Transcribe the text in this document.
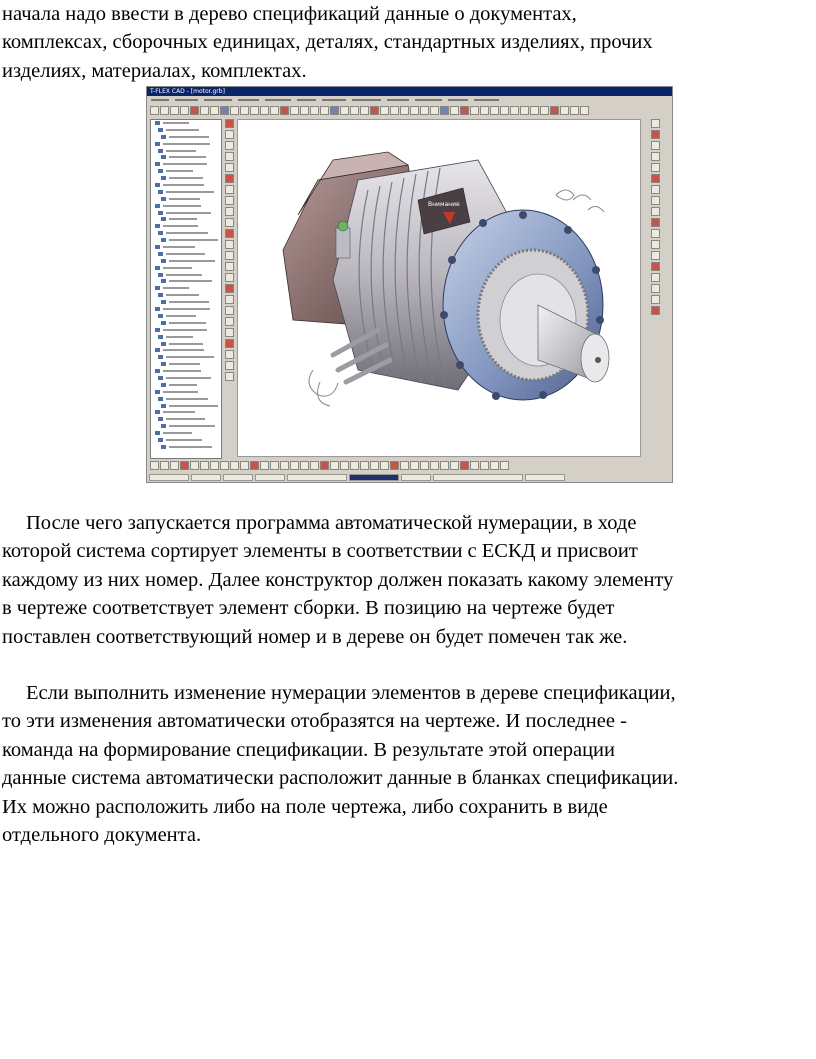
начала надо ввести в дерево спецификаций данные о документах,
комплексах, сборочных единицах, деталях, стандартных изделиях, прочих
изделиях, материалах, комплектах.
T-FLEX CAD - [motor.grb]
Внимание
После чего запускается программа автоматической нумерации, в ходе
которой система сортирует элементы в соответствии с ЕСКД и присвоит
каждому из них номер. Далее конструктор должен показать какому элементу
в чертеже соответствует элемент сборки. В позицию на чертеже будет
поставлен соответствующий номер и в дереве он будет помечен так же.
Если выполнить изменение нумерации элементов в дереве спецификации,
то эти изменения автоматически отобразятся на чертеже. И последнее -
команда на формирование спецификации. В результате этой операции
данные система автоматически расположит данные в бланках спецификации.
Их можно расположить либо на поле чертежа, либо сохранить в виде
отдельного документа.
